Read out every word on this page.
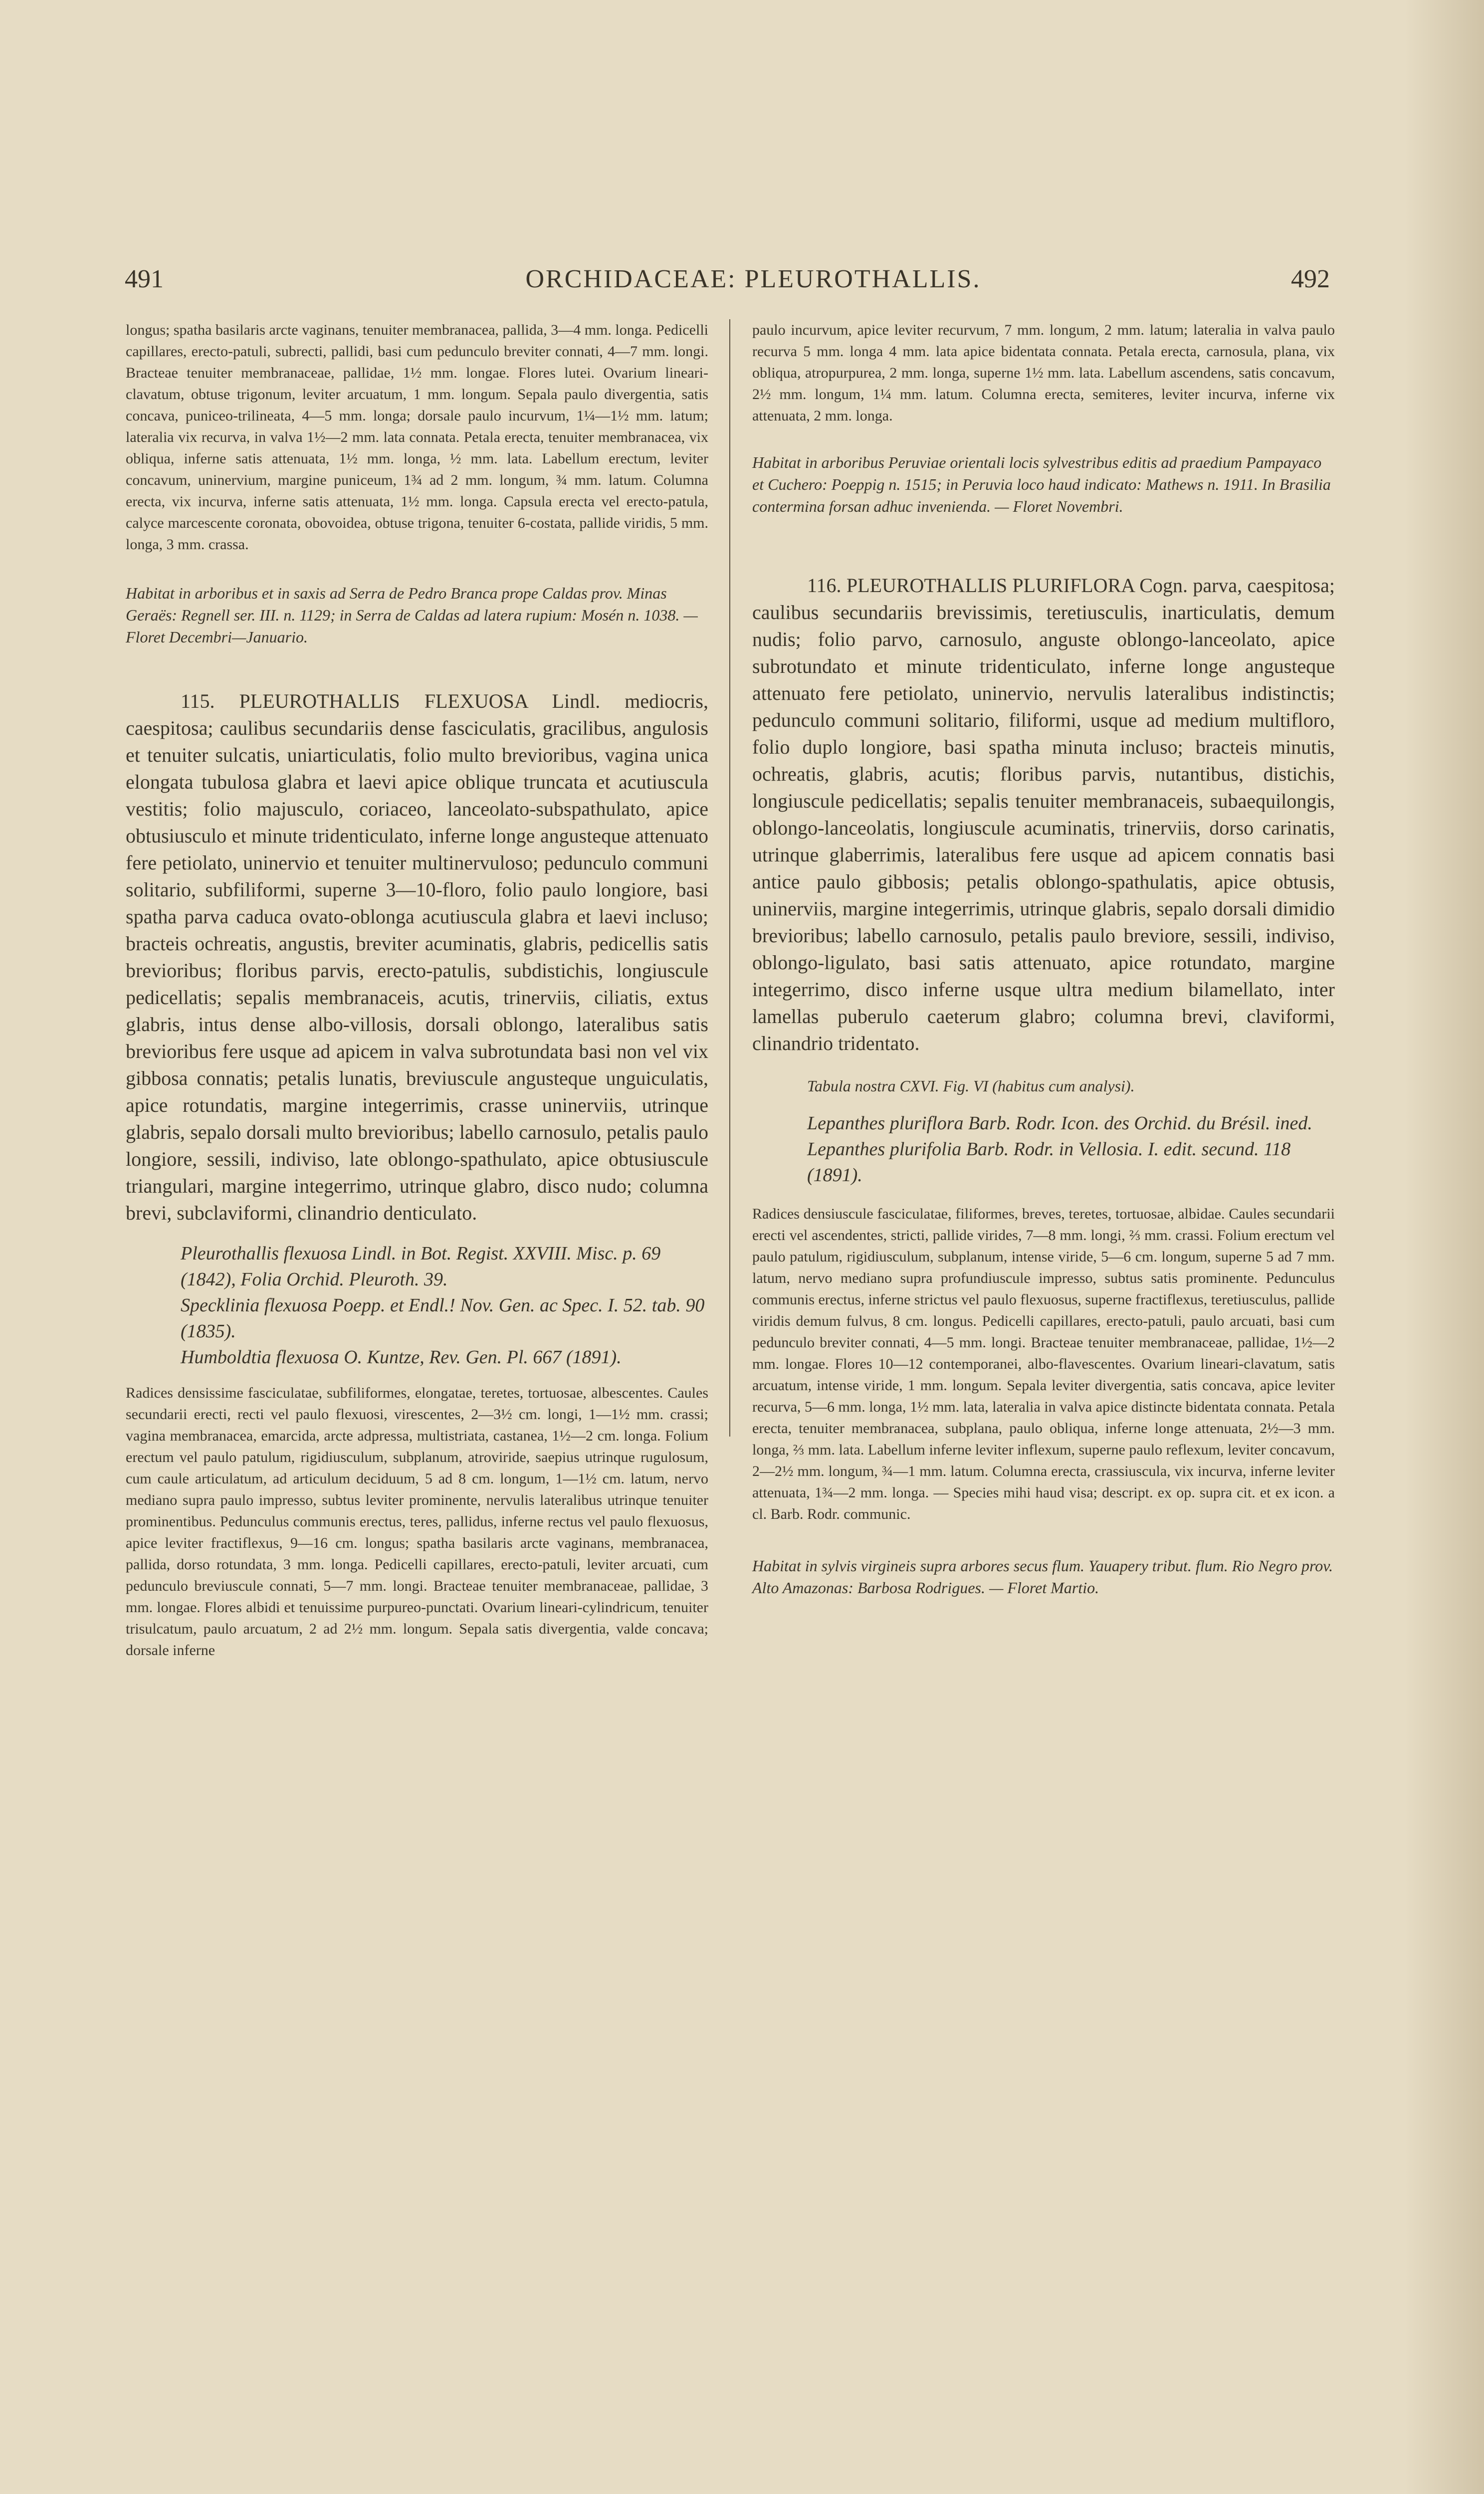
491	ORCHIDACEAE: PLEUROTHALLIS.	492

longus; spatha basilaris arcte vaginans, tenuiter membranacea, pallida, 3—4 mm. longa. Pedicelli capillares, erecto-patuli, subrecti, pallidi, basi cum pedunculo breviter connati, 4—7 mm. longi. Bracteae tenuiter membranaceae, pallidae, 1½ mm. longae. Flores lutei. Ovarium lineari-clavatum, obtuse trigonum, leviter arcuatum, 1 mm. longum. Sepala paulo divergentia, satis concava, puniceo-trilineata, 4—5 mm. longa; dorsale paulo incurvum, 1¼—1½ mm. latum; lateralia vix recurva, in valva 1½—2 mm. lata connata. Petala erecta, tenuiter membranacea, vix obliqua, inferne satis attenuata, 1½ mm. longa, ½ mm. lata. Labellum erectum, leviter concavum, uninervium, margine puniceum, 1¾ ad 2 mm. longum, ¾ mm. latum. Columna erecta, vix incurva, inferne satis attenuata, 1½ mm. longa. Capsula erecta vel erecto-patula, calyce marcescente coronata, obovoidea, obtuse trigona, tenuiter 6-costata, pallide viridis, 5 mm. longa, 3 mm. crassa.

Habitat in arboribus et in saxis ad Serra de Pedro Branca prope Caldas prov. Minas Geraës: Regnell ser. III. n. 1129; in Serra de Caldas ad latera rupium: Mosén n. 1038. — Floret Decembri—Januario.

115. PLEUROTHALLIS FLEXUOSA Lindl. mediocris, caespitosa; caulibus secundariis dense fasciculatis, gracilibus, angulosis et tenuiter sulcatis, uniarticulatis, folio multo brevioribus, vagina unica elongata tubulosa glabra et laevi apice oblique truncata et acutiuscula vestitis; folio majusculo, coriaceo, lanceolato-subspathulato, apice obtusiusculo et minute tridenticulato, inferne longe angusteque attenuato fere petiolato, uninervio et tenuiter multinervuloso; pedunculo communi solitario, subfiliformi, superne 3—10-floro, folio paulo longiore, basi spatha parva caduca ovato-oblonga acutiuscula glabra et laevi incluso; bracteis ochreatis, angustis, breviter acuminatis, glabris, pedicellis satis brevioribus; floribus parvis, erecto-patulis, subdistichis, longiuscule pedicellatis; sepalis membranaceis, acutis, trinerviis, ciliatis, extus glabris, intus dense albo-villosis, dorsali oblongo, lateralibus satis brevioribus fere usque ad apicem in valva subrotundata basi non vel vix gibbosa connatis; petalis lunatis, breviuscule angusteque unguiculatis, apice rotundatis, margine integerrimis, crasse uninerviis, utrinque glabris, sepalo dorsali multo brevioribus; labello carnosulo, petalis paulo longiore, sessili, indiviso, late oblongo-spathulato, apice obtusiuscule triangulari, margine integerrimo, utrinque glabro, disco nudo; columna brevi, subclaviformi, clinandrio denticulato.

Pleurothallis flexuosa Lindl. in Bot. Regist. XXVIII. Misc. p. 69 (1842), Folia Orchid. Pleuroth. 39.

Specklinia flexuosa Poepp. et Endl.! Nov. Gen. ac Spec. I. 52. tab. 90 (1835).

Humboldtia flexuosa O. Kuntze, Rev. Gen. Pl. 667 (1891).

Radices densissime fasciculatae, subfiliformes, elongatae, teretes, tortuosae, albescentes. Caules secundarii erecti, recti vel paulo flexuosi, virescentes, 2—3½ cm. longi, 1—1½ mm. crassi; vagina membranacea, emarcida, arcte adpressa, multistriata, castanea, 1½—2 cm. longa. Folium erectum vel paulo patulum, rigidiusculum, subplanum, atroviride, saepius utrinque rugulosum, cum caule articulatum, ad articulum deciduum, 5 ad 8 cm. longum, 1—1½ cm. latum, nervo mediano supra paulo impresso, subtus leviter prominente, nervulis lateralibus utrinque tenuiter prominentibus. Pedunculus communis erectus, teres, pallidus, inferne rectus vel paulo flexuosus, apice leviter fractiflexus, 9—16 cm. longus; spatha basilaris arcte vaginans, membranacea, pallida, dorso rotundata, 3 mm. longa. Pedicelli capillares, erecto-patuli, leviter arcuati, cum pedunculo breviuscule connati, 5—7 mm. longi. Bracteae tenuiter membranaceae, pallidae, 3 mm. longae. Flores albidi et tenuissime purpureo-punctati. Ovarium lineari-cylindricum, tenuiter trisulcatum, paulo arcuatum, 2 ad 2½ mm. longum. Sepala satis divergentia, valde concava; dorsale inferne

paulo incurvum, apice leviter recurvum, 7 mm. longum, 2 mm. latum; lateralia in valva paulo recurva 5 mm. longa 4 mm. lata apice bidentata connata. Petala erecta, carnosula, plana, vix obliqua, atropurpurea, 2 mm. longa, superne 1½ mm. lata. Labellum ascendens, satis concavum, 2½ mm. longum, 1¼ mm. latum. Columna erecta, semiteres, leviter incurva, inferne vix attenuata, 2 mm. longa.

Habitat in arboribus Peruviae orientali locis sylvestribus editis ad praedium Pampayaco et Cuchero: Poeppig n. 1515; in Peruvia loco haud indicato: Mathews n. 1911. In Brasilia contermina forsan adhuc invenienda. — Floret Novembri.

116. PLEUROTHALLIS PLURIFLORA Cogn. parva, caespitosa; caulibus secundariis brevissimis, teretiusculis, inarticulatis, demum nudis; folio parvo, carnosulo, anguste oblongo-lanceolato, apice subrotundato et minute tridenticulato, inferne longe angusteque attenuato fere petiolato, uninervio, nervulis lateralibus indistinctis; pedunculo communi solitario, filiformi, usque ad medium multifloro, folio duplo longiore, basi spatha minuta incluso; bracteis minutis, ochreatis, glabris, acutis; floribus parvis, nutantibus, distichis, longiuscule pedicellatis; sepalis tenuiter membranaceis, subaequilongis, oblongo-lanceolatis, longiuscule acuminatis, trinerviis, dorso carinatis, utrinque glaberrimis, lateralibus fere usque ad apicem connatis basi antice paulo gibbosis; petalis oblongo-spathulatis, apice obtusis, uninerviis, margine integerrimis, utrinque glabris, sepalo dorsali dimidio brevioribus; labello carnosulo, petalis paulo breviore, sessili, indiviso, oblongo-ligulato, basi satis attenuato, apice rotundato, margine integerrimo, disco inferne usque ultra medium bilamellato, inter lamellas puberulo caeterum glabro; columna brevi, claviformi, clinandrio tridentato.

Tabula nostra CXVI. Fig. VI (habitus cum analysi).

Lepanthes pluriflora Barb. Rodr. Icon. des Orchid. du Brésil. ined.

Lepanthes plurifolia Barb. Rodr. in Vellosia. I. edit. secund. 118 (1891).

Radices densiuscule fasciculatae, filiformes, breves, teretes, tortuosae, albidae. Caules secundarii erecti vel ascendentes, stricti, pallide virides, 7—8 mm. longi, ⅔ mm. crassi. Folium erectum vel paulo patulum, rigidiusculum, subplanum, intense viride, 5—6 cm. longum, superne 5 ad 7 mm. latum, nervo mediano supra profundiuscule impresso, subtus satis prominente. Pedunculus communis erectus, inferne strictus vel paulo flexuosus, superne fractiflexus, teretiusculus, pallide viridis demum fulvus, 8 cm. longus. Pedicelli capillares, erecto-patuli, paulo arcuati, basi cum pedunculo breviter connati, 4—5 mm. longi. Bracteae tenuiter membranaceae, pallidae, 1½—2 mm. longae. Flores 10—12 contemporanei, albo-flavescentes. Ovarium lineari-clavatum, satis arcuatum, intense viride, 1 mm. longum. Sepala leviter divergentia, satis concava, apice leviter recurva, 5—6 mm. longa, 1½ mm. lata, lateralia in valva apice distincte bidentata connata. Petala erecta, tenuiter membranacea, subplana, paulo obliqua, inferne longe attenuata, 2½—3 mm. longa, ⅔ mm. lata. Labellum inferne leviter inflexum, superne paulo reflexum, leviter concavum, 2—2½ mm. longum, ¾—1 mm. latum. Columna erecta, crassiuscula, vix incurva, inferne leviter attenuata, 1¾—2 mm. longa. — Species mihi haud visa; descript. ex op. supra cit. et ex icon. a cl. Barb. Rodr. communic.

Habitat in sylvis virgineis supra arbores secus flum. Yauapery tribut. flum. Rio Negro prov. Alto Amazonas: Barbosa Rodrigues. — Floret Martio.
